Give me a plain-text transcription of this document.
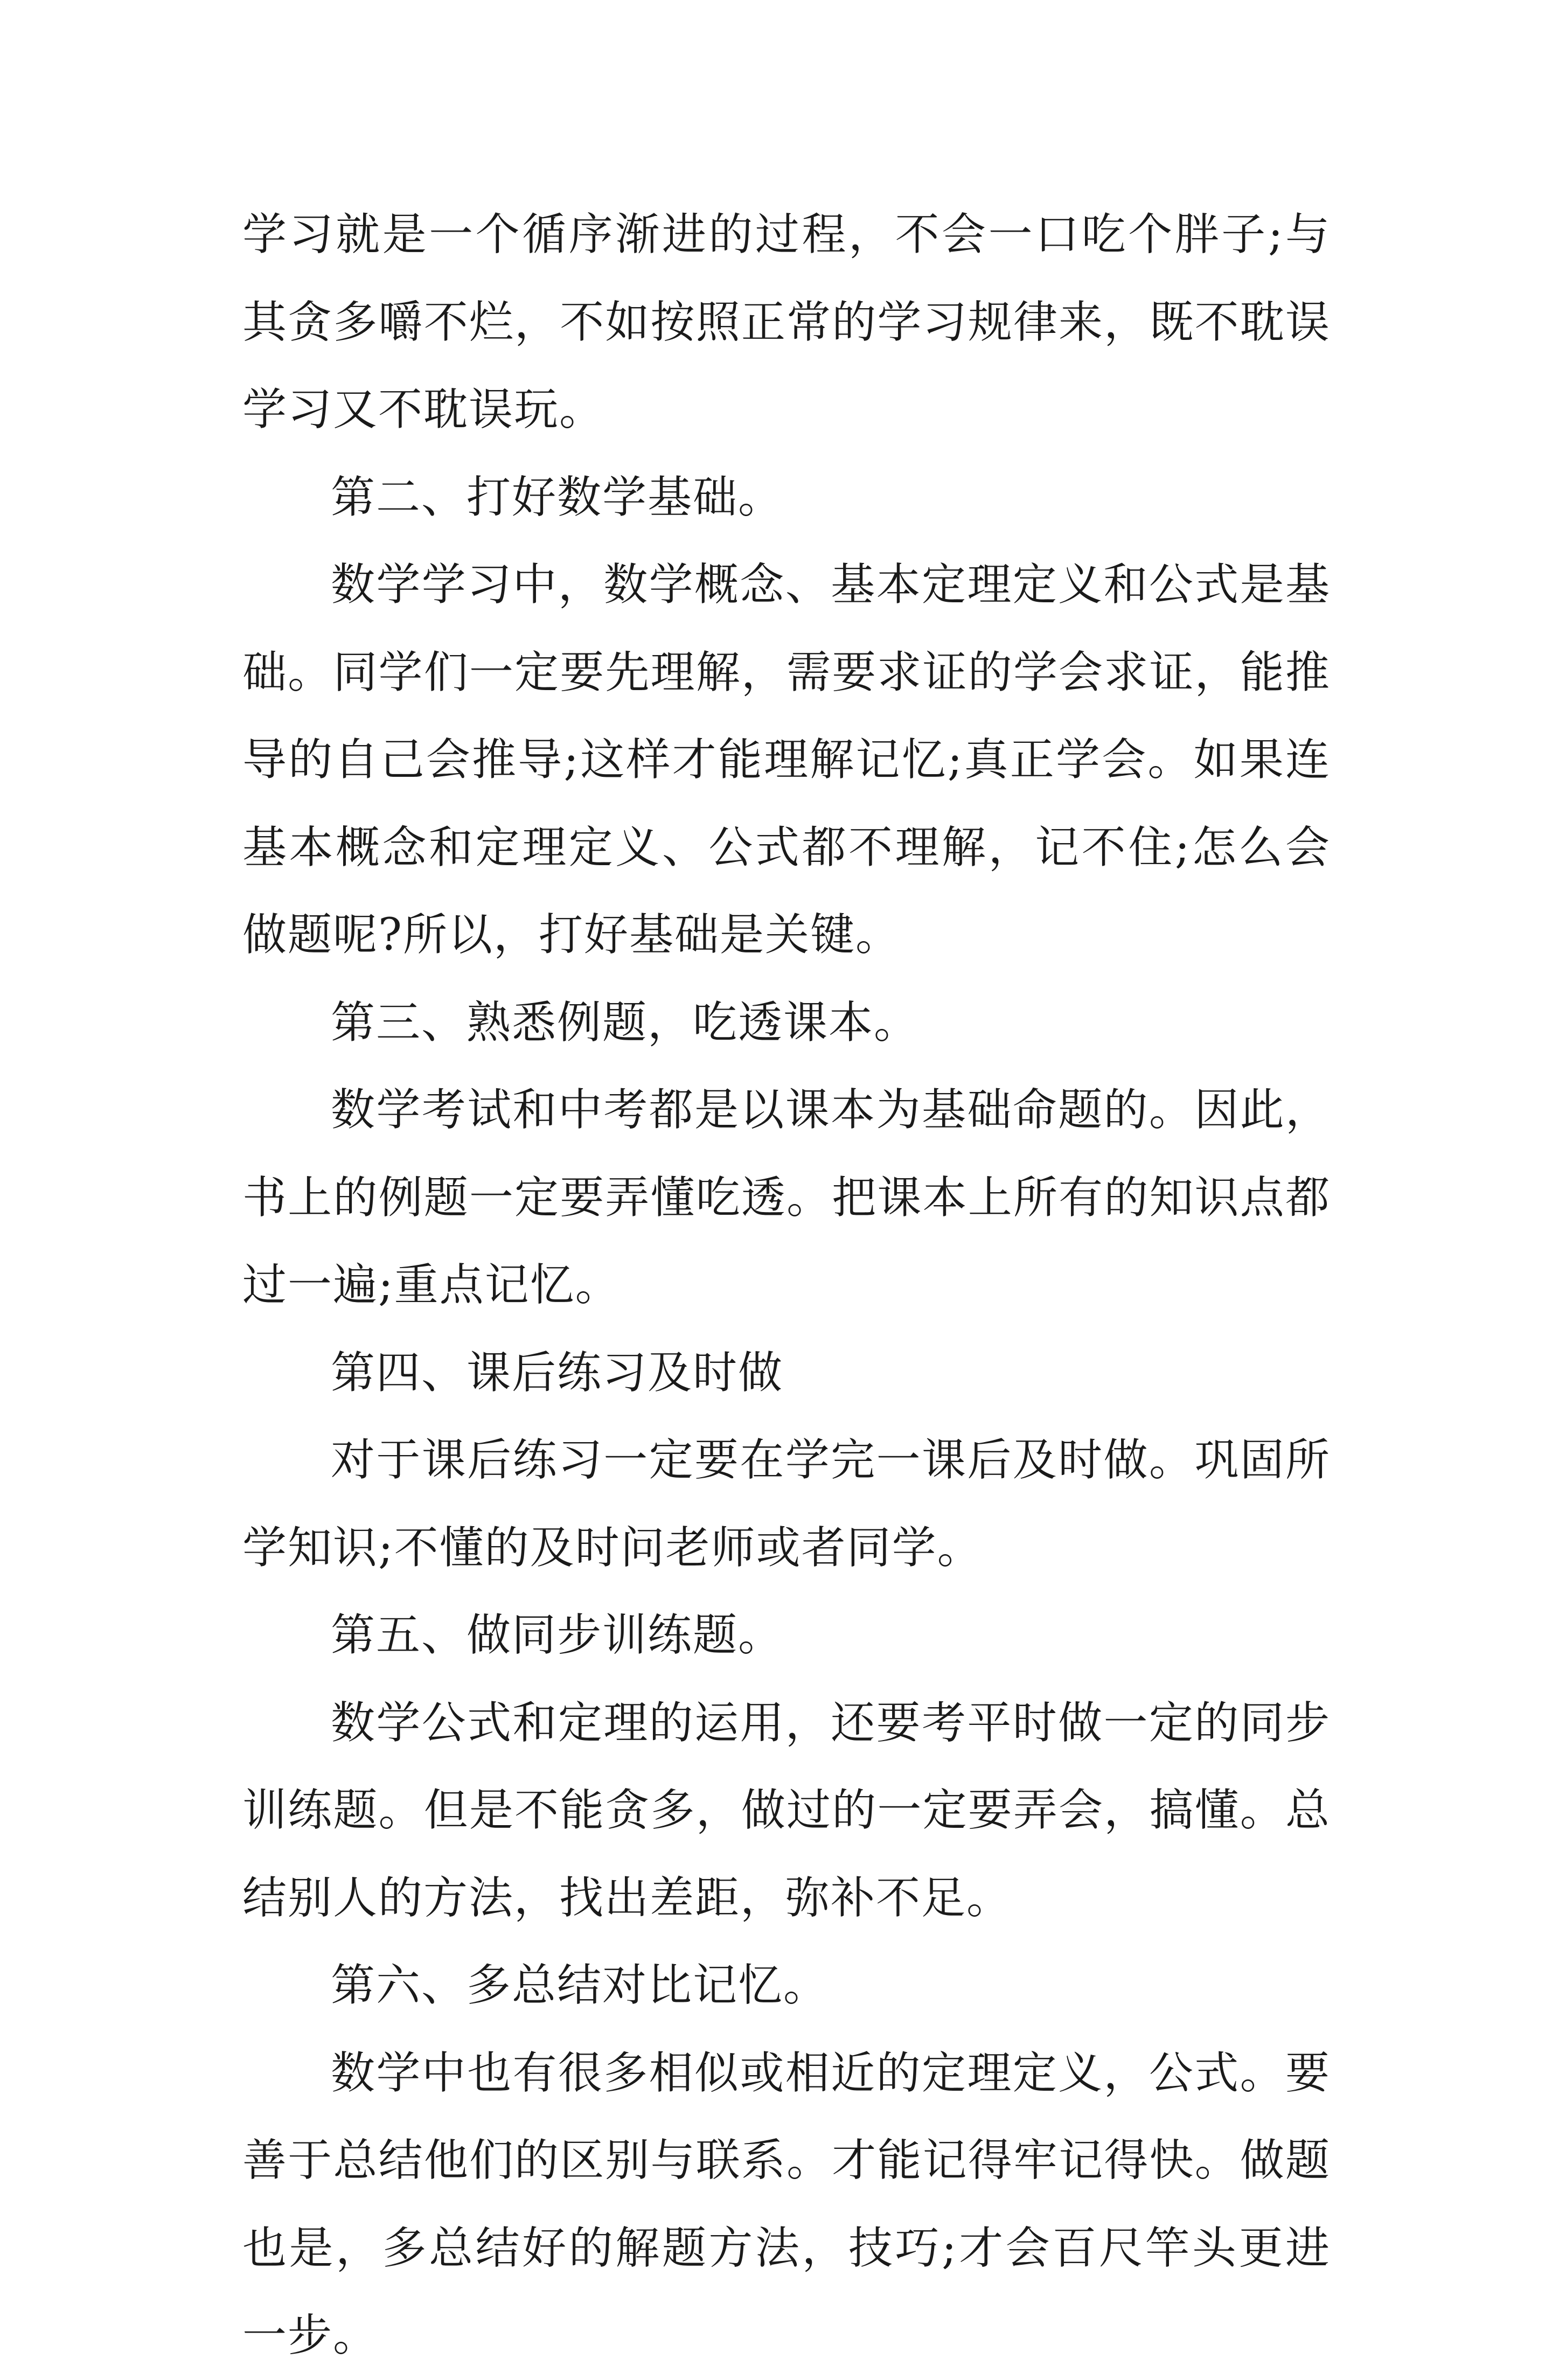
学习就是一个循序渐进的过程，不会一口吃个胖子;与其贪多嚼不烂，不如按照正常的学习规律来，既不耽误学习又不耽误玩。

第二、打好数学基础。

数学学习中，数学概念、基本定理定义和公式是基础。同学们一定要先理解，需要求证的学会求证，能推导的自己会推导;这样才能理解记忆;真正学会。如果连基本概念和定理定义、公式都不理解，记不住;怎么会做题呢?所以，打好基础是关键。

第三、熟悉例题，吃透课本。

数学考试和中考都是以课本为基础命题的。因此，书上的例题一定要弄懂吃透。把课本上所有的知识点都过一遍;重点记忆。

第四、课后练习及时做

对于课后练习一定要在学完一课后及时做。巩固所学知识;不懂的及时问老师或者同学。

第五、做同步训练题。

数学公式和定理的运用，还要考平时做一定的同步训练题。但是不能贪多，做过的一定要弄会，搞懂。总结别人的方法，找出差距，弥补不足。

第六、多总结对比记忆。

数学中也有很多相似或相近的定理定义，公式。要善于总结他们的区别与联系。才能记得牢记得快。做题也是，多总结好的解题方法，技巧;才会百尺竿头更进一步。
